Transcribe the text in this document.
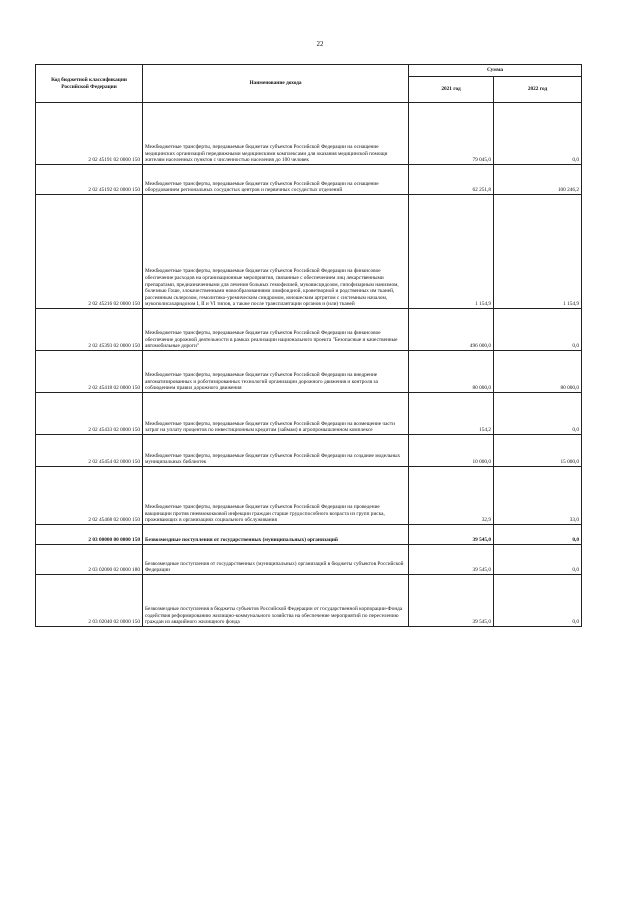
22
Код бюджетной классификации Российской Федерации	Наименование дохода	Сумма	
		2021 год	2022 год
2 02 45191 02 0000 150	Межбюджетные трансферты, передаваемые бюджетам субъектов Российской Федерации на оснащение медицинских организаций передвижными медицинскими комплексами для оказания медицинской помощи жителям населенных пунктов с численностью населения до 100 человек	79 045,0	0,0
2 02 45192 02 0000 150	Межбюджетные трансферты, передаваемые бюджетам субъектов Российской Федерации на оснащение оборудованием региональных сосудистых центров и первичных сосудистых отделений	62 251,8	100 246,2
2 02 45216 02 0000 150	Межбюджетные трансферты, передаваемые бюджетам субъектов Российской Федерации на финансовое обеспечение расходов на организационные мероприятия, связанные с обеспечением лиц лекарственными препаратами, предназначенными для лечения больных гемофилией, муковисцидозом, гипофизарным нанизмом, болезнью Гоше, злокачественными новообразованиями лимфоидной, кроветворной и родственных им тканей, рассеянным склерозом, гемолитико-уремическим синдромом, юношеским артритом с системным началом, мукополисахаридозом I, II и VI типов, а также после трансплантации органов и (или) тканей	1 154,9	1 154,9
2 02 45393 02 0000 150	Межбюджетные трансферты, передаваемые бюджетам субъектов Российской Федерации на финансовое обеспечение дорожной деятельности в рамках реализации национального проекта "Безопасные и качественные автомобильные дороги"	496 000,0	0,0
2 02 45418 02 0000 150	Межбюджетные трансферты, передаваемые бюджетам субъектов Российской Федерации на внедрение автоматизированных и роботизированных технологий организации дорожного движения и контроля за соблюдением правил дорожного движения	80 000,0	80 000,0
2 02 45433 02 0000 150	Межбюджетные трансферты, передаваемые бюджетам субъектов Российской Федерации на возмещение части затрат на уплату процентов по инвестиционным кредитам (займам) в агропромышленном комплексе	154,2	0,0
2 02 45454 02 0000 150	Межбюджетные трансферты, передаваемые бюджетам субъектов Российской Федерации на создание модельных муниципальных библиотек	10 000,0	15 000,0
2 02 45468 02 0000 150	Межбюджетные трансферты, передаваемые бюджетам субъектов Российской Федерации на проведение вакцинации против пневмококковой инфекции граждан старше трудоспособного возраста из групп риска, проживающих в организациях социального обслуживания	32,9	33,0
2 03 00000 00 0000 150	Безвозмездные поступления от государственных (муниципальных) организаций	39 545,0	0,0
2 03 02000 02 0000 180	Безвозмездные поступления от государственных (муниципальных) организаций в бюджеты субъектов Российской Федерации	39 545,0	0,0
2 03 02040 02 0000 150	Безвозмездные поступления в бюджеты субъектов Российской Федерации от государственной корпорации-Фонда содействия реформированию жилищно-коммунального хозяйства на обеспечение мероприятий по переселению граждан из аварийного жилищного фонда	39 545,0	0,0
